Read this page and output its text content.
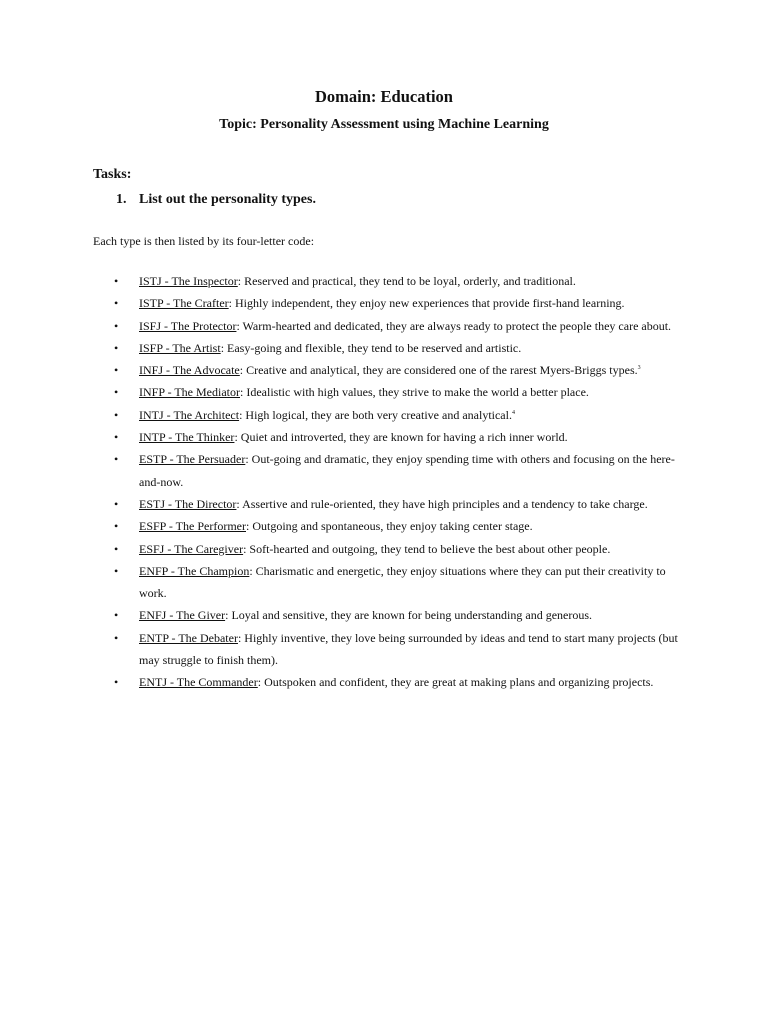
Domain: Education
Topic: Personality Assessment using Machine Learning
Tasks:
1. List out the personality types.
Each type is then listed by its four-letter code:
• ISTJ - The Inspector: Reserved and practical, they tend to be loyal, orderly, and traditional.
• ISTP - The Crafter: Highly independent, they enjoy new experiences that provide first-hand learning.
• ISFJ - The Protector: Warm-hearted and dedicated, they are always ready to protect the people they care about.
• ISFP - The Artist: Easy-going and flexible, they tend to be reserved and artistic.
• INFJ - The Advocate: Creative and analytical, they are considered one of the rarest Myers-Briggs types.$^3$
• INFP - The Mediator: Idealistic with high values, they strive to make the world a better place.
• INTJ - The Architect: High logical, they are both very creative and analytical.$^4$
• INTP - The Thinker: Quiet and introverted, they are known for having a rich inner world.
• ESTP - The Persuader: Out-going and dramatic, they enjoy spending time with others and focusing on the here-and-now.
• ESTJ - The Director: Assertive and rule-oriented, they have high principles and a tendency to take charge.
• ESFP - The Performer: Outgoing and spontaneous, they enjoy taking center stage.
• ESFJ - The Caregiver: Soft-hearted and outgoing, they tend to believe the best about other people.
• ENFP - The Champion: Charismatic and energetic, they enjoy situations where they can put their creativity to work.
• ENFJ - The Giver: Loyal and sensitive, they are known for being understanding and generous.
• ENTP - The Debater: Highly inventive, they love being surrounded by ideas and tend to start many projects (but may struggle to finish them).
• ENTJ - The Commander: Outspoken and confident, they are great at making plans and organizing projects.
